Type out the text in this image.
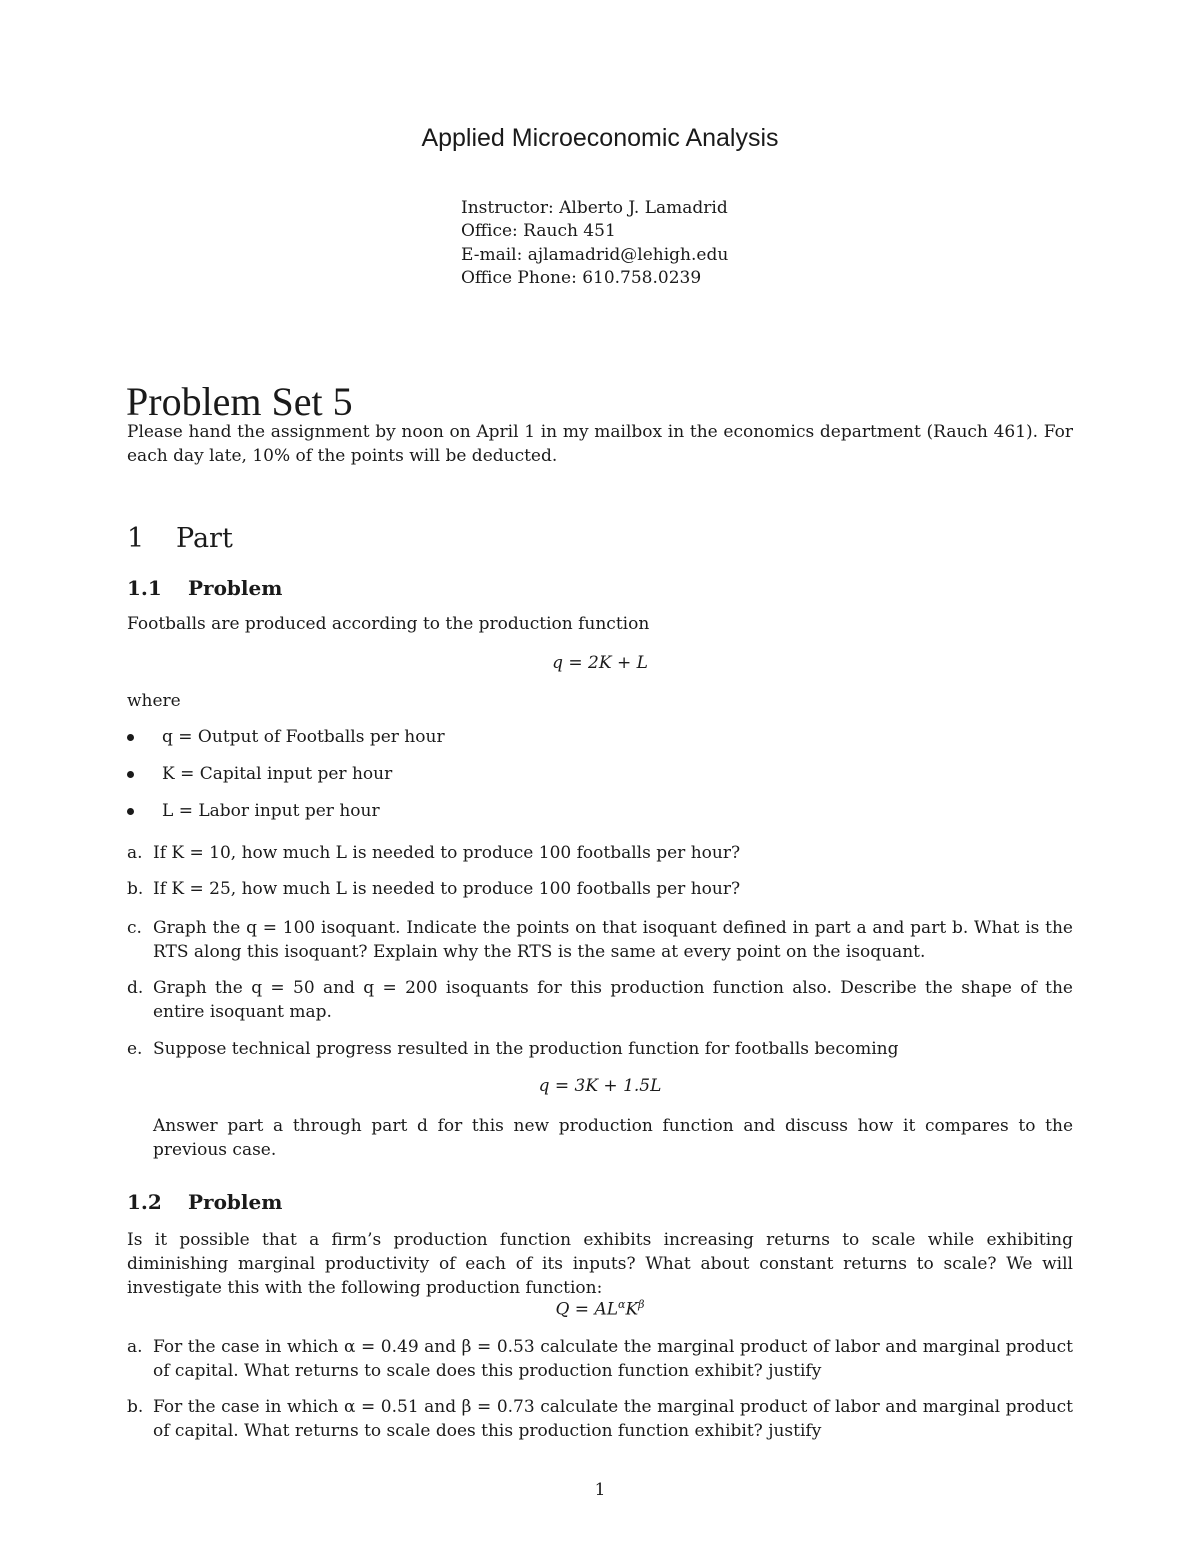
Applied Microeconomic Analysis
Instructor: Alberto J. Lamadrid
Office: Rauch 451
E-mail: ajlamadrid@lehigh.edu
Office Phone: 610.758.0239
Problem Set 5

Please hand the assignment by noon on April 1 in my mailbox in the economics department (Rauch 461). For each day late, 10% of the points will be deducted.

1 Part
1.1 Problem
Footballs are produced according to the production function
q = 2K + L
where
q = Output of Footballs per hour
K = Capital input per hour
L = Labor input per hour
a. If K = 10, how much L is needed to produce 100 footballs per hour?
b. If K = 25, how much L is needed to produce 100 footballs per hour?
c. Graph the q = 100 isoquant. Indicate the points on that isoquant defined in part a and part b. What is the RTS along this isoquant? Explain why the RTS is the same at every point on the isoquant.
d. Graph the q = 50 and q = 200 isoquants for this production function also. Describe the shape of the entire isoquant map.
e. Suppose technical progress resulted in the production function for footballs becoming
q = 3K + 1.5L
Answer part a through part d for this new production function and discuss how it compares to the previous case.
1.2 Problem

Is it possible that a firm’s production function exhibits increasing returns to scale while exhibiting diminishing marginal productivity of each of its inputs? What about constant returns to scale? We will investigate this with the following production function:

$Q = AL^\alpha K^\beta$
a. For the case in which α = 0.49 and β = 0.53 calculate the marginal product of labor and marginal product of capital. What returns to scale does this production function exhibit? justify
b. For the case in which α = 0.51 and β = 0.73 calculate the marginal product of labor and marginal product of capital. What returns to scale does this production function exhibit? justify
1
